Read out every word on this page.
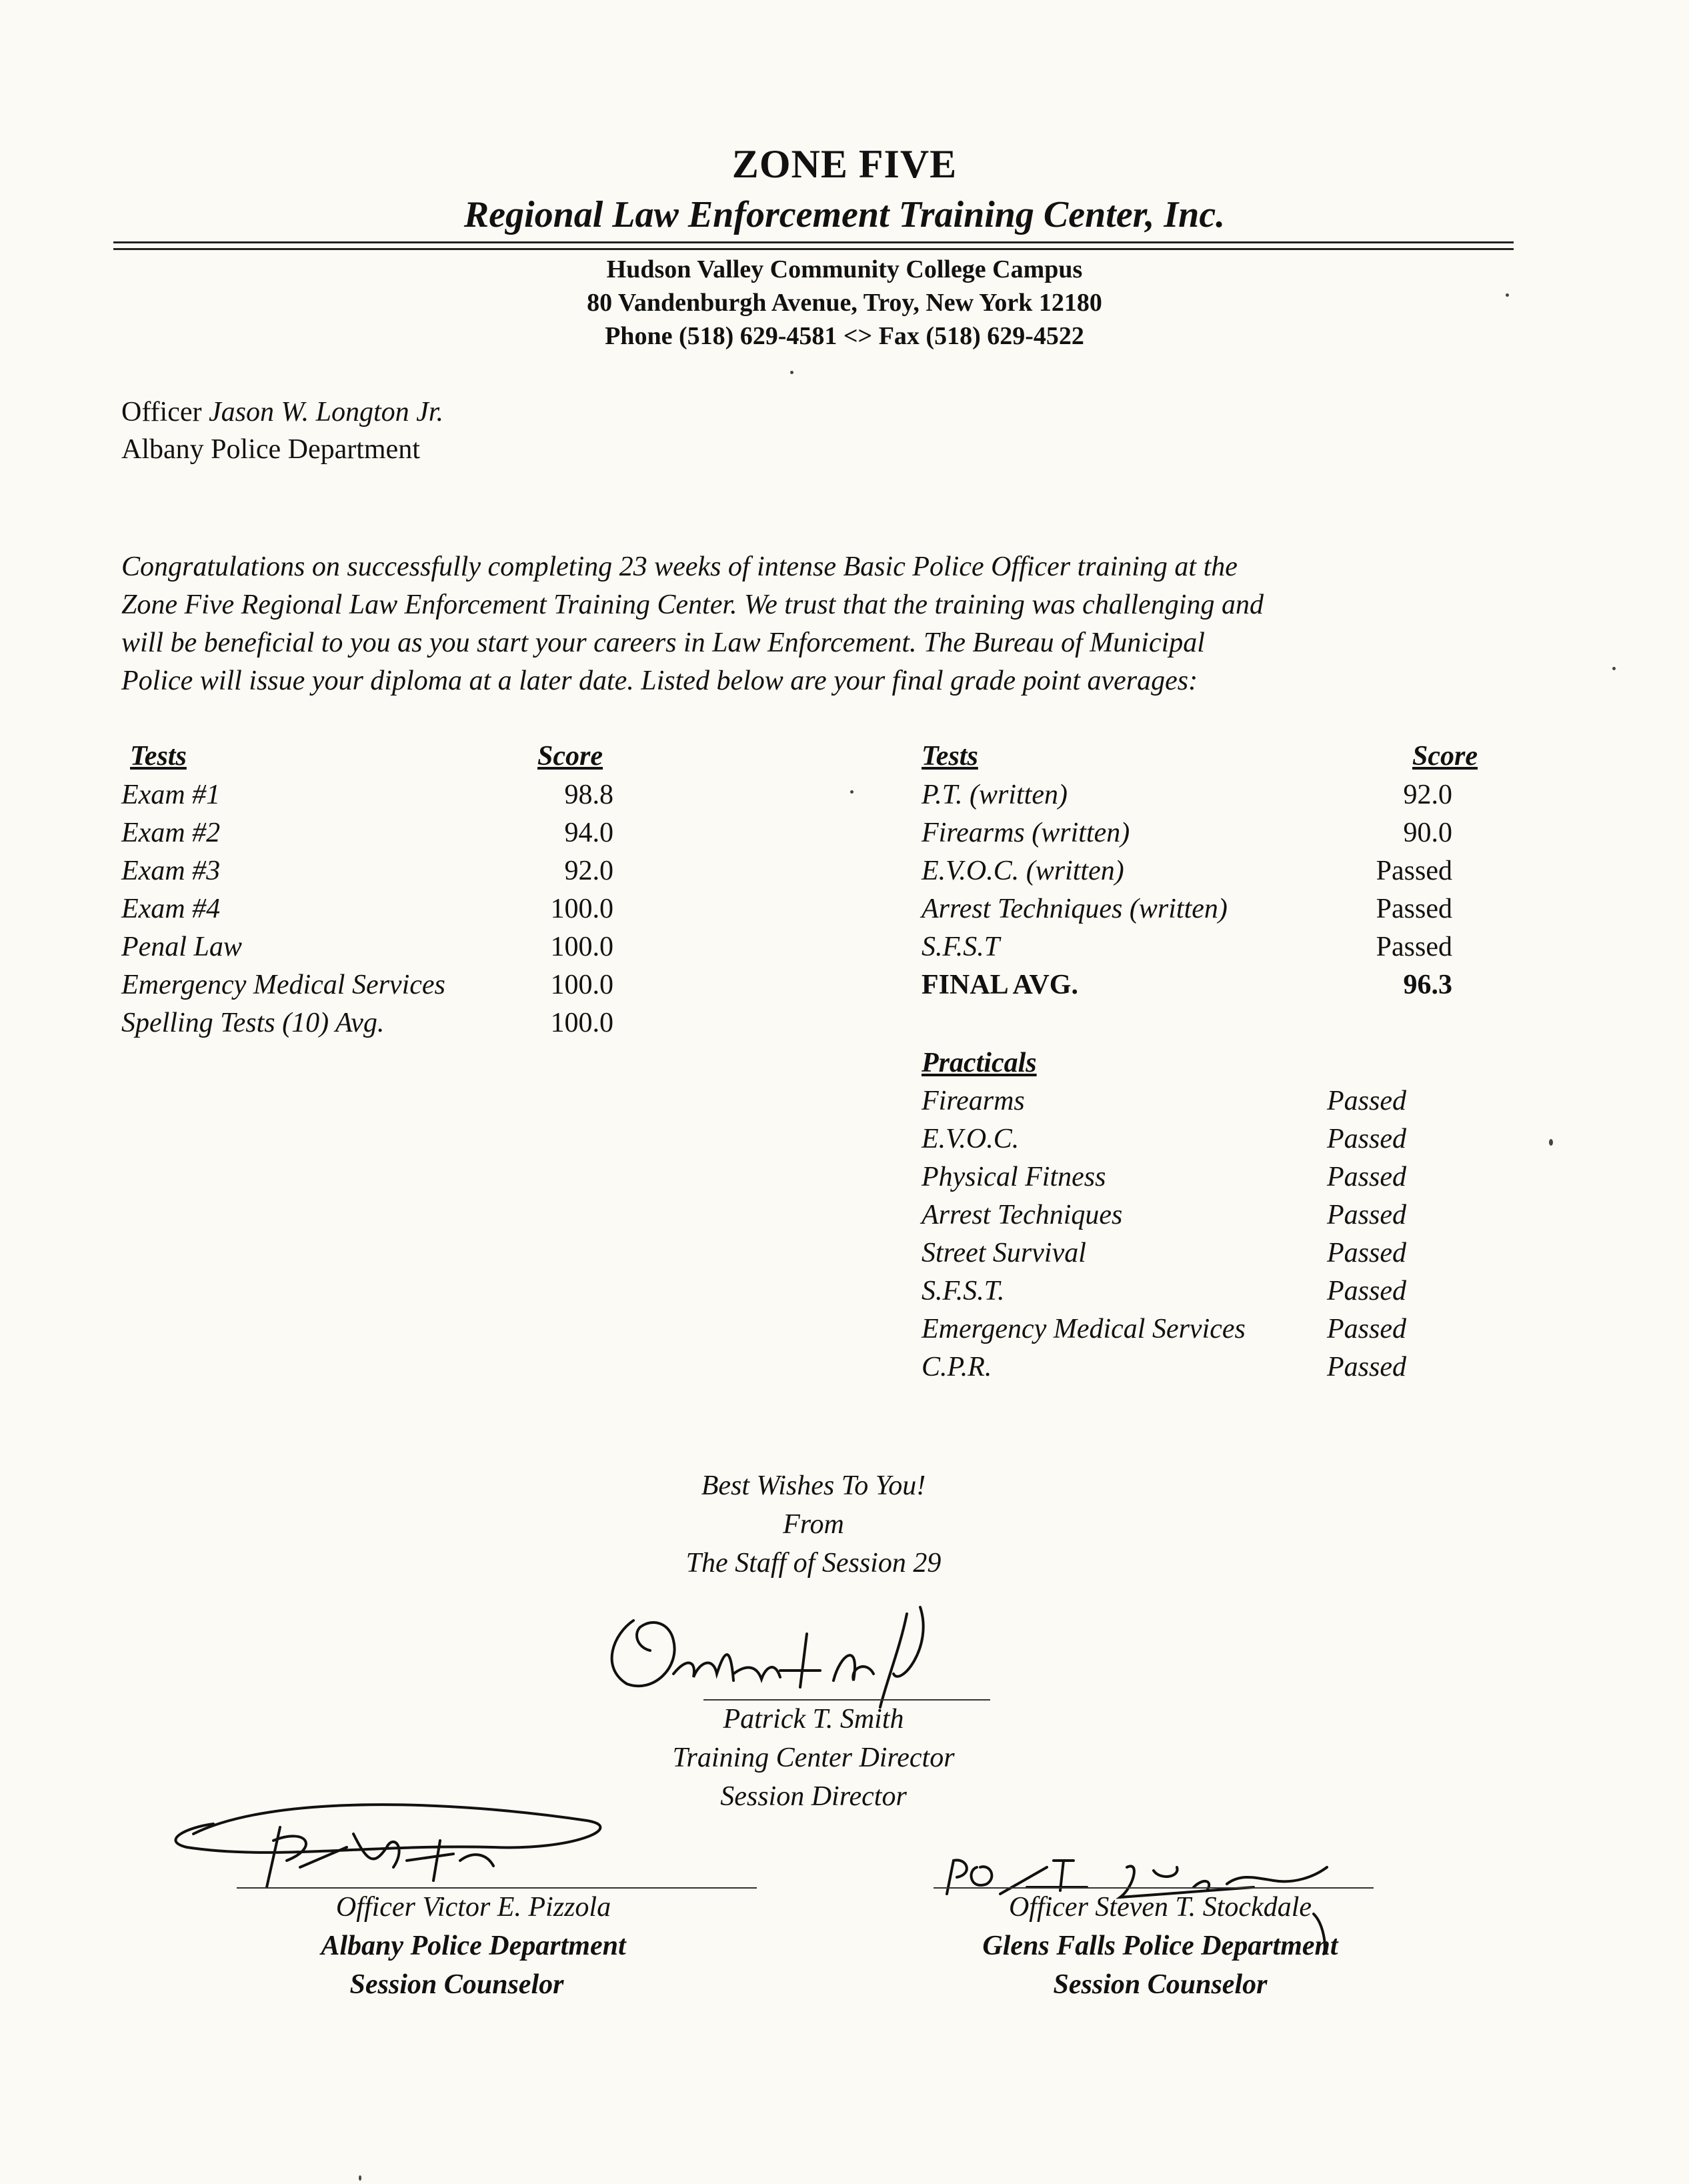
ZONE FIVE
Regional Law Enforcement Training Center, Inc.
Hudson Valley Community College Campus
80 Vandenburgh Avenue, Troy, New York 12180
Phone (518) 629-4581 <> Fax (518) 629-4522
Officer Jason W. Longton Jr.
Albany Police Department
Congratulations on successfully completing 23 weeks of intense Basic Police Officer training at the
Zone Five Regional Law Enforcement Training Center. We trust that the training was challenging and
will be beneficial to you as you start your careers in Law Enforcement. The Bureau of Municipal
Police will issue your diploma at a later date. Listed below are your final grade point averages:
Tests	Score
Exam #1	98.8
Exam #2	94.0
Exam #3	92.0
Exam #4	100.0
Penal Law	100.0
Emergency Medical Services	100.0
Spelling Tests (10) Avg.	100.0
Tests	Score
P.T. (written)	92.0
Firearms (written)	90.0
E.V.O.C. (written)	Passed
Arrest Techniques (written)	Passed
S.F.S.T	Passed
FINAL AVG.	96.3
Practicals
Firearms	Passed
E.V.O.C.	Passed
Physical Fitness	Passed
Arrest Techniques	Passed
Street Survival	Passed
S.F.S.T.	Passed
Emergency Medical Services	Passed
C.P.R.	Passed
Best Wishes To You!
From
The Staff of Session 29
Patrick T. Smith
Training Center Director
Session Director
Officer Victor E. Pizzola
Albany Police Department
Session Counselor
Officer Steven T. Stockdale
Glens Falls Police Department
Session Counselor
